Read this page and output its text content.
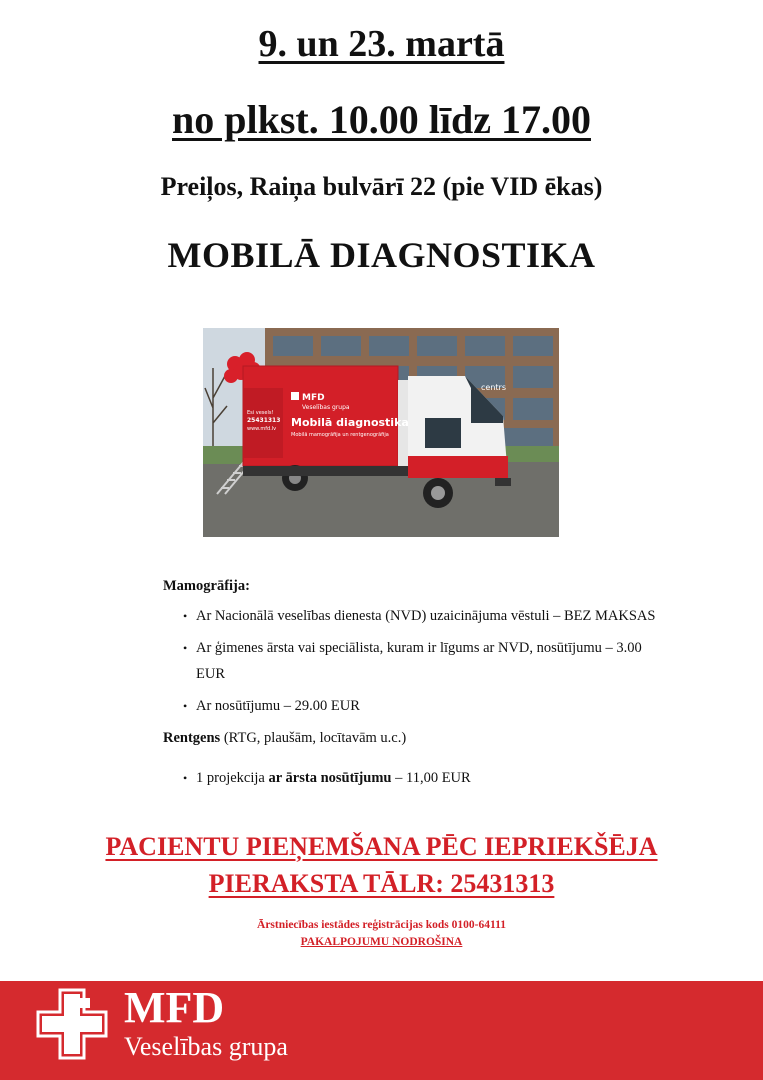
9. un 23. martā
no plkst. 10.00 līdz 17.00
Preiļos, Raiņa bulvārī 22 (pie VID ēkas)
MOBILĀ DIAGNOSTIKA
centrs
MFD
Veselības grupa
Mobilā diagnostika
Mobilā mamogrāfija un rentgenogrāfija
Esi vesels!
25431313
www.mfd.lv
Mamogrāfija:
• Ar Nacionālā veselības dienesta (NVD) uzaicinājuma vēstuli – BEZ MAKSAS
• Ar ģimenes ārsta vai speciālista, kuram ir līgums ar NVD, nosūtījumu – 3.00 EUR
• Ar nosūtījumu – 29.00 EUR
Rentgens (RTG, plaušām, locītavām u.c.)
• 1 projekcija ar ārsta nosūtījumu – 11,00 EUR
PACIENTU PIEŅEMŠANA PĒC IEPRIEKŠĒJA
PIERAKSTA TĀLR: 25431313
Ārstniecības iestādes reģistrācijas kods 0100-64111
PAKALPOJUMU NODROŠINA
MFD
Veselības grupa
